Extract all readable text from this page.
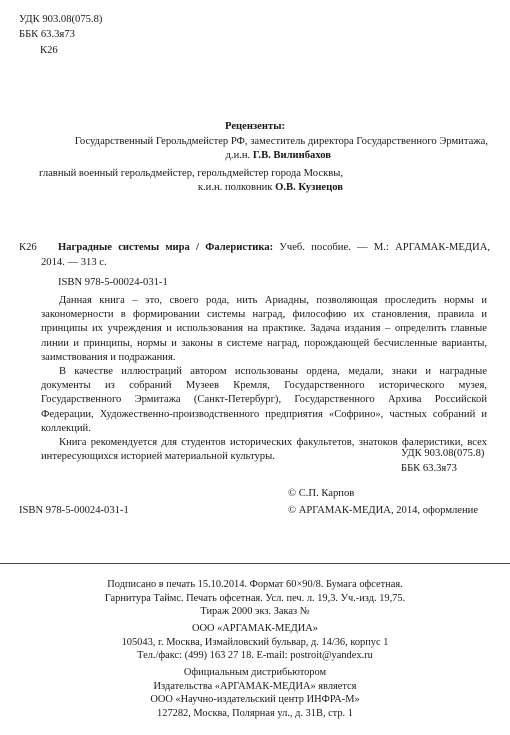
УДК 903.08(075.8)
ББК 63.3я73
К26
Рецензенты:
Государственный Герольдмейстер РФ, заместитель директора Государственного Эрмитажа,
д.и.н. Г.В. Вилинбахов
главный военный герольдмейстер, герольдмейстер города Москвы,
к.и.н. полковник О.В. Кузнецов
К26 Наградные системы мира / Фалеристика: Учеб. пособие. — М.: АРГАМАК-МЕДИА,
2014. — 313 с.
ISBN 978-5-00024-031-1

Данная книга – это, своего рода, нить Ариадны, позволяющая проследить нормы и закономерности в формировании системы наград, философию их становления, правила и принципы их учреждения и использования на практике. Задача издания – определить главные линии и принципы, нормы и законы в системе наград, порождающей бесчисленные варианты, заимствования и подражания.

В качестве иллюстраций автором использованы ордена, медали, знаки и наградные документы из собраний Музеев Кремля, Государственного исторического музея, Государственного Эрмитажа (Санкт-Петербург), Государственного Архива Российской Федерации, Художественно-производственного предприятия «Софрино», частных собраний и коллекций.

Книга рекомендуется для студентов исторических факультетов, знатоков фалеристики, всех интересующихся историей материальной культуры.	УДК 903.08(075.8)
ББК 63.3я73
ISBN 978-5-00024-031-1
© С.П. Карпов
© АРГАМАК-МЕДИА, 2014, оформление
Подписано в печать 15.10.2014. Формат 60×90/8. Бумага офсетная.
Гарнитура Таймс. Печать офсетная. Усл. печ. л. 19,3. Уч.-изд. 19,75.
Тираж 2000 экз. Заказ №
ООО «АРГАМАК-МЕДИА»
105043, г. Москва, Измайловский бульвар, д. 14/36, корпус 1
Тел./факс: (499) 163 27 18. E-mail: postroit@yandex.ru
Официальным дистрибьютором
Издательства «АРГАМАК-МЕДИА» является
ООО «Научно-издательский центр ИНФРА-М»
127282, Москва, Полярная ул., д. 31В, стр. 1
